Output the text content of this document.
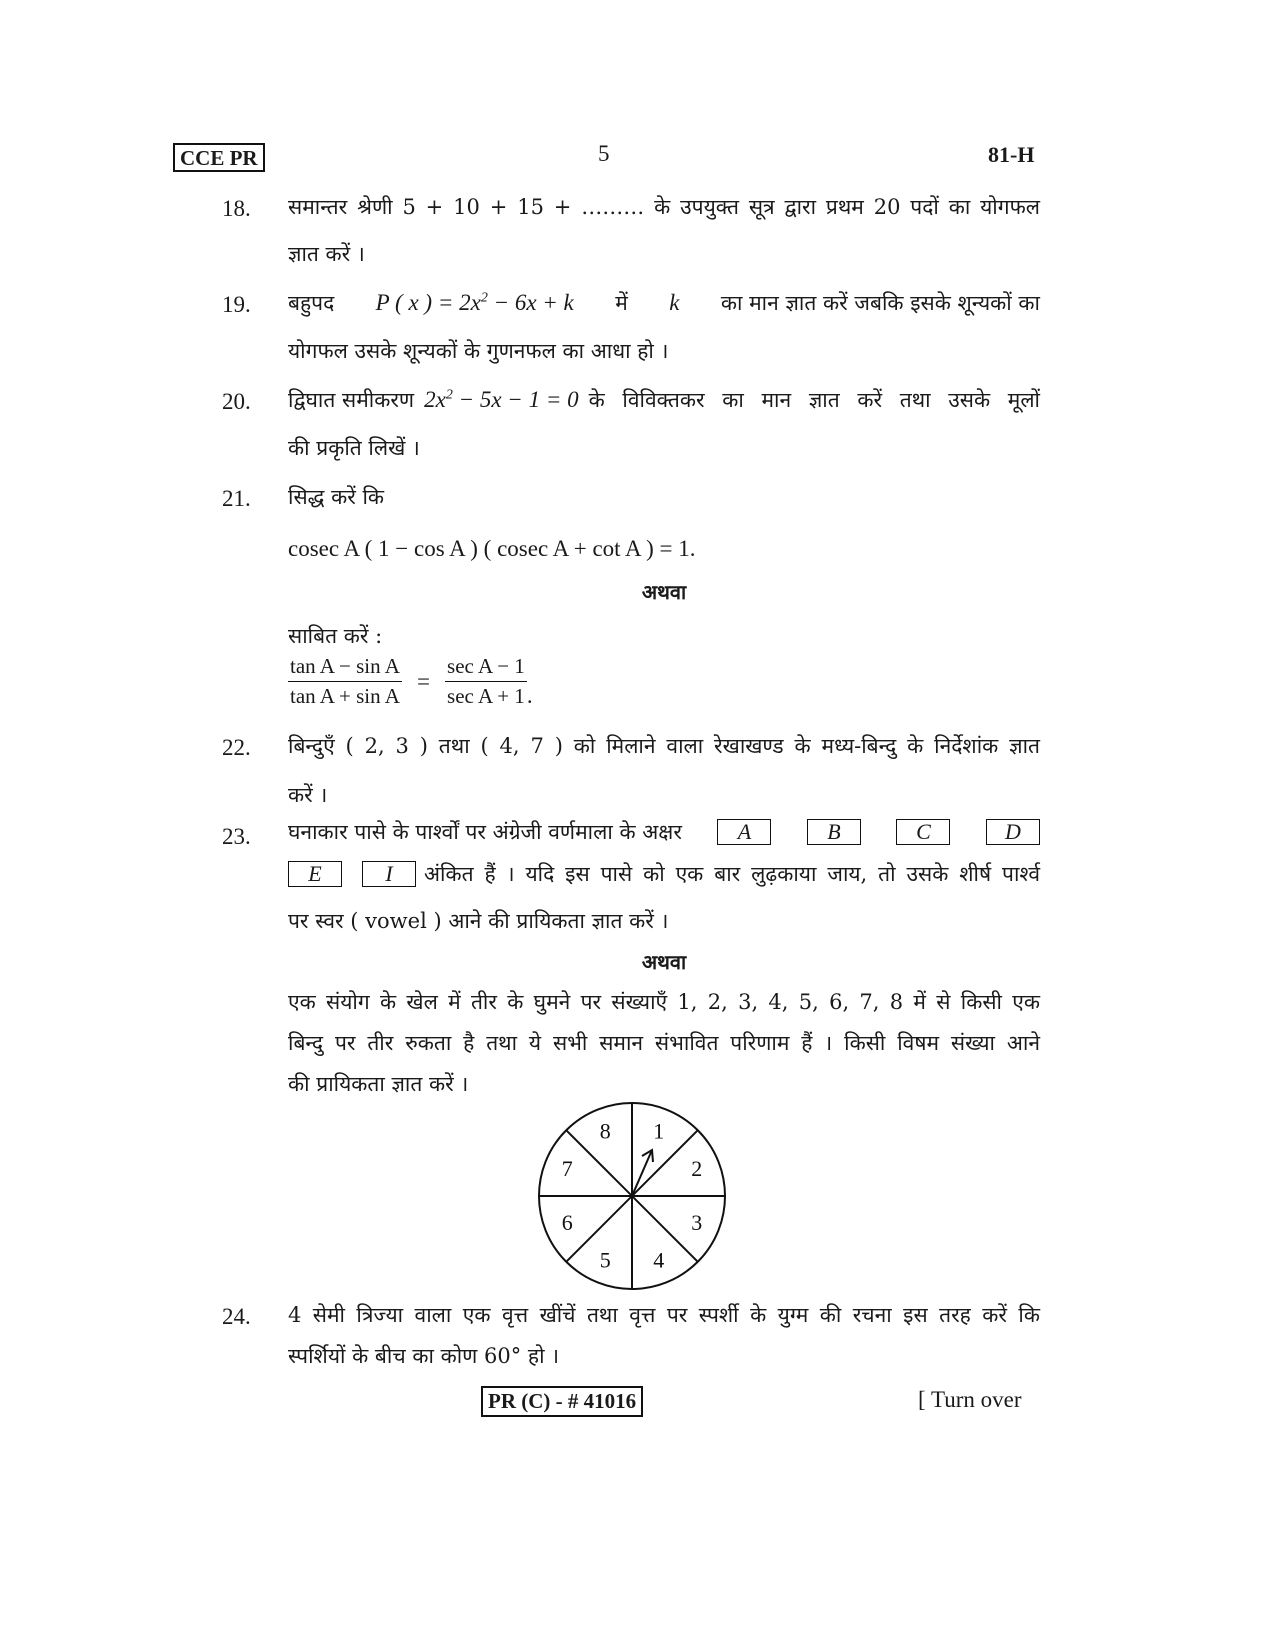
CCE PR	5	81-H
18.	समान्तर श्रेणी 5 + 10 + 15 + ……… के उपयुक्त सूत्र द्वारा प्रथम 20 पदों का योगफल
ज्ञात करें ।
19.	बहुपद P ( x ) = $2x^2 - 6x + k$ में k का मान ज्ञात करें जबकि इसके शून्यकों का
योगफल उसके शून्यकों के गुणनफल का आधा हो ।
20.	द्विघात समीकरण $2x^2 - 5x - 1 = 0$ के विविक्तकर का मान ज्ञात करें तथा उसके मूलों
की प्रकृति लिखें ।
21.	सिद्ध करें कि
cosec A ( 1 − cos A ) ( cosec A + cot A ) = 1.
अथवा
साबित करें :
$\frac{\text{tan A − sin A}}{\text{tan A + sin A}} = \frac{\text{sec A − 1}}{\text{sec A + 1}}$ .
22.	बिन्दुएँ ( 2, 3 ) तथा ( 4, 7 ) को मिलाने वाला रेखाखण्ड के मध्य-बिन्दु के निर्देशांक ज्ञात
करें ।
23.	घनाकार पासे के पार्श्वों पर अंग्रेजी वर्णमाला के अक्षर	A	B	C	D
E	I	अंकित हैं । यदि इस पासे को एक बार लुढ़काया जाय, तो उसके शीर्ष पार्श्व
पर स्वर ( vowel ) आने की प्रायिकता ज्ञात करें ।
अथवा
एक संयोग के खेल में तीर के घुमने पर संख्याएँ 1, 2, 3, 4, 5, 6, 7, 8 में से किसी एक
बिन्दु पर तीर रुकता है तथा ये सभी समान संभावित परिणाम हैं । किसी विषम संख्या आने
की प्रायिकता ज्ञात करें ।
1
2
3
4
5
6
7
8
24.	4 सेमी त्रिज्या वाला एक वृत्त खींचें तथा वृत्त पर स्पर्शी के युग्म की रचना इस तरह करें कि
स्पर्शियों के बीच का कोण 60° हो ।
PR (C) - # 41016	[ Turn over
